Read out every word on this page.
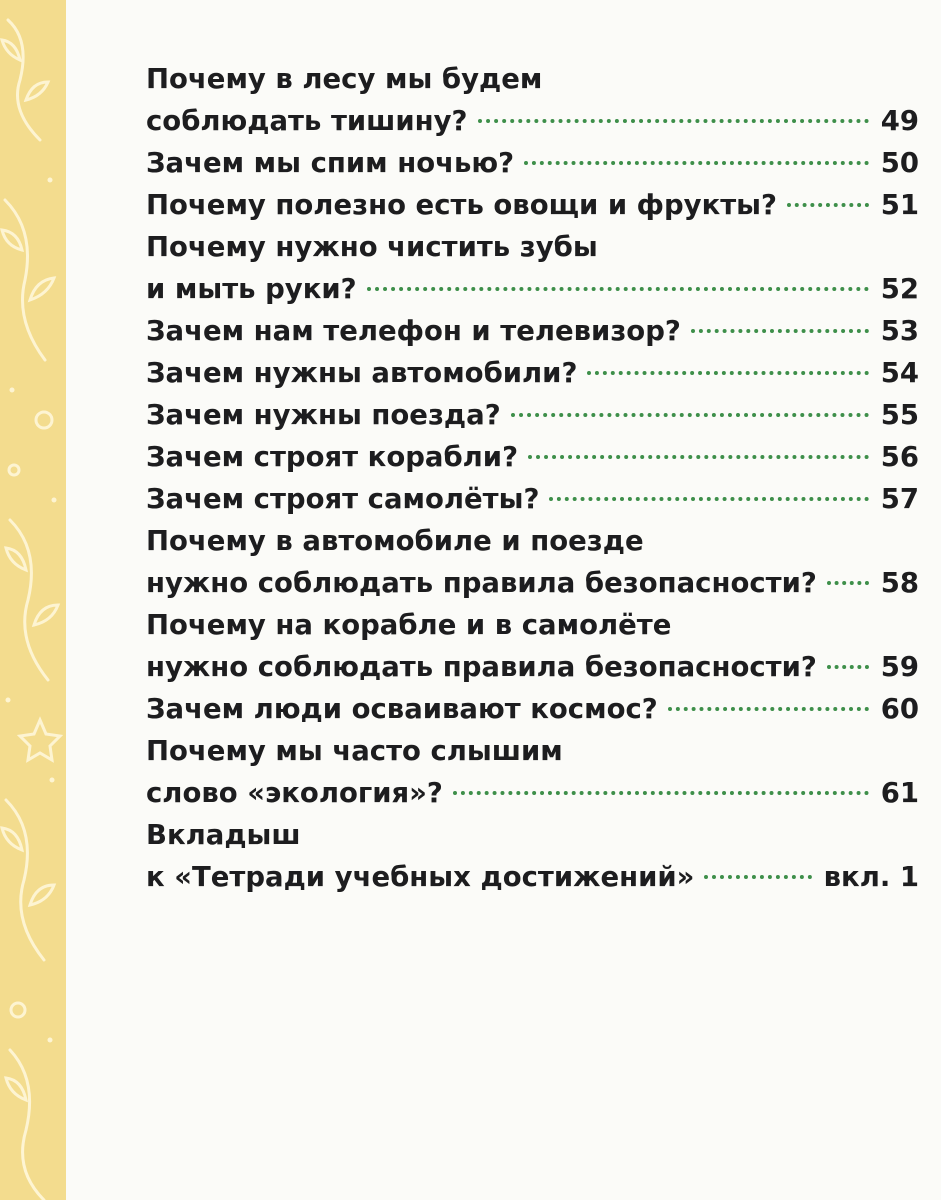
Почему в лесу мы будем
соблюдать тишину?	49
Зачем мы спим ночью?	50
Почему полезно есть овощи и фрукты?	51
Почему нужно чистить зубы
и мыть руки?	52
Зачем нам телефон и телевизор?	53
Зачем нужны автомобили?	54
Зачем нужны поезда?	55
Зачем строят корабли?	56
Зачем строят самолёты?	57
Почему в автомобиле и поезде
нужно соблюдать правила безопасности? 58
Почему на корабле и в самолёте
нужно соблюдать правила безопасности? 59
Зачем люди осваивают космос?	60
Почему мы часто слышим
слово «экология»?	61
Вкладыш
к «Тетради учебных достижений»	вкл. 1
